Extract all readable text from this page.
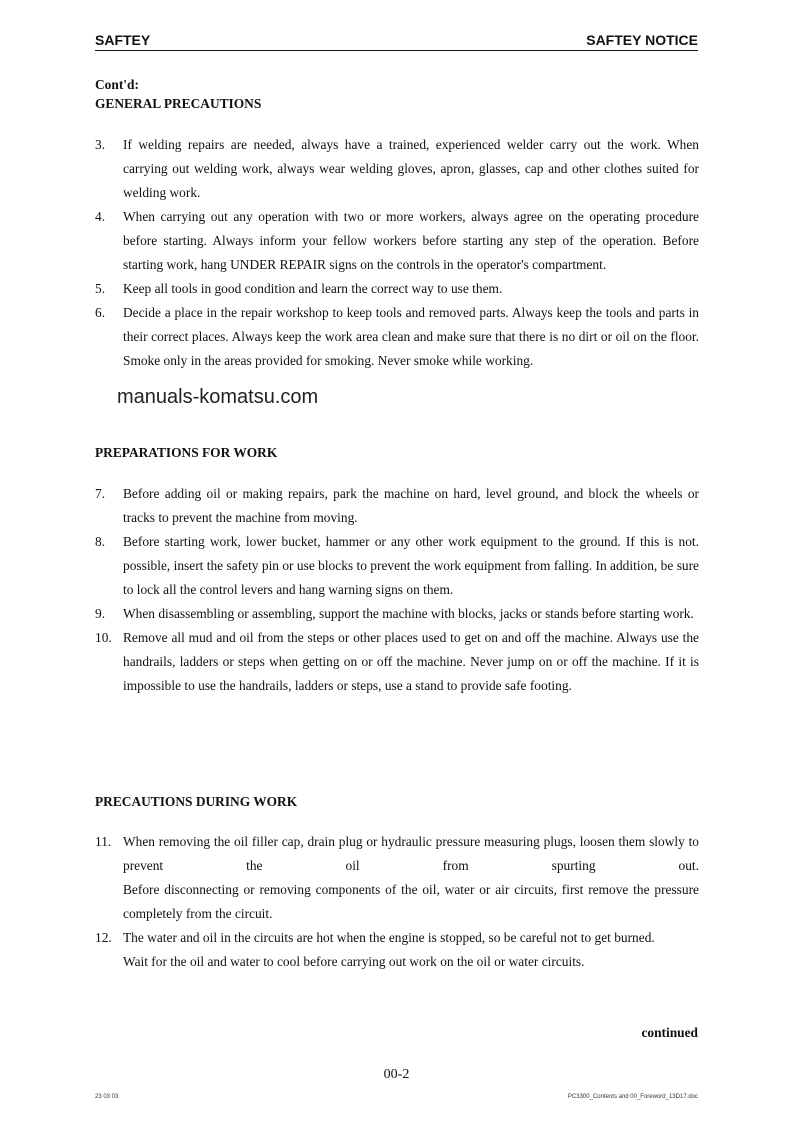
SAFTEY	SAFTEY NOTICE
Cont'd:
GENERAL PRECAUTIONS
3.	If welding repairs are needed, always have a trained, experienced welder carry out the work. When carrying out welding work, always wear welding gloves, apron, glasses, cap and other clothes suited for welding work.
4.	When carrying out any operation with two or more workers, always agree on the operating procedure before starting. Always inform your fellow workers before starting any step of the operation. Before starting work, hang UNDER REPAIR signs on the controls in the operator's compartment.
5.	Keep all tools in good condition and learn the correct way to use them.
6.	Decide a place in the repair workshop to keep tools and removed parts. Always keep the tools and parts in their correct places. Always keep the work area clean and make sure that there is no dirt or oil on the floor. Smoke only in the areas provided for smoking. Never smoke while working.
manuals-komatsu.com
PREPARATIONS FOR WORK
7.	Before adding oil or making repairs, park the machine on hard, level ground, and block the wheels or tracks to prevent the machine from moving.
8.	Before starting work, lower bucket, hammer or any other work equipment to the ground. If this is not. possible, insert the safety pin or use blocks to prevent the work equipment from falling. In addition, be sure to lock all the control levers and hang warning signs on them.
9.	When disassembling or assembling, support the machine with blocks, jacks or stands before starting work.
10. Remove all mud and oil from the steps or other places used to get on and off the machine. Always use the handrails, ladders or steps when getting on or off the machine. Never jump on or off the machine. If it is impossible to use the handrails, ladders or steps, use a stand to provide safe footing.
PRECAUTIONS DURING WORK
11. When removing the oil filler cap, drain plug or hydraulic pressure measuring plugs, loosen them slowly to prevent the oil from spurting out.
Before disconnecting or removing components of the oil, water or air circuits, first remove the pressure completely from the circuit.
12. The water and oil in the circuits are hot when the engine is stopped, so be careful not to get burned.
Wait for the oil and water to cool before carrying out work on the oil or water circuits.
continued
00-2
23 03 03	PC3300_Contents and 00_Foreword_13D17.doc
